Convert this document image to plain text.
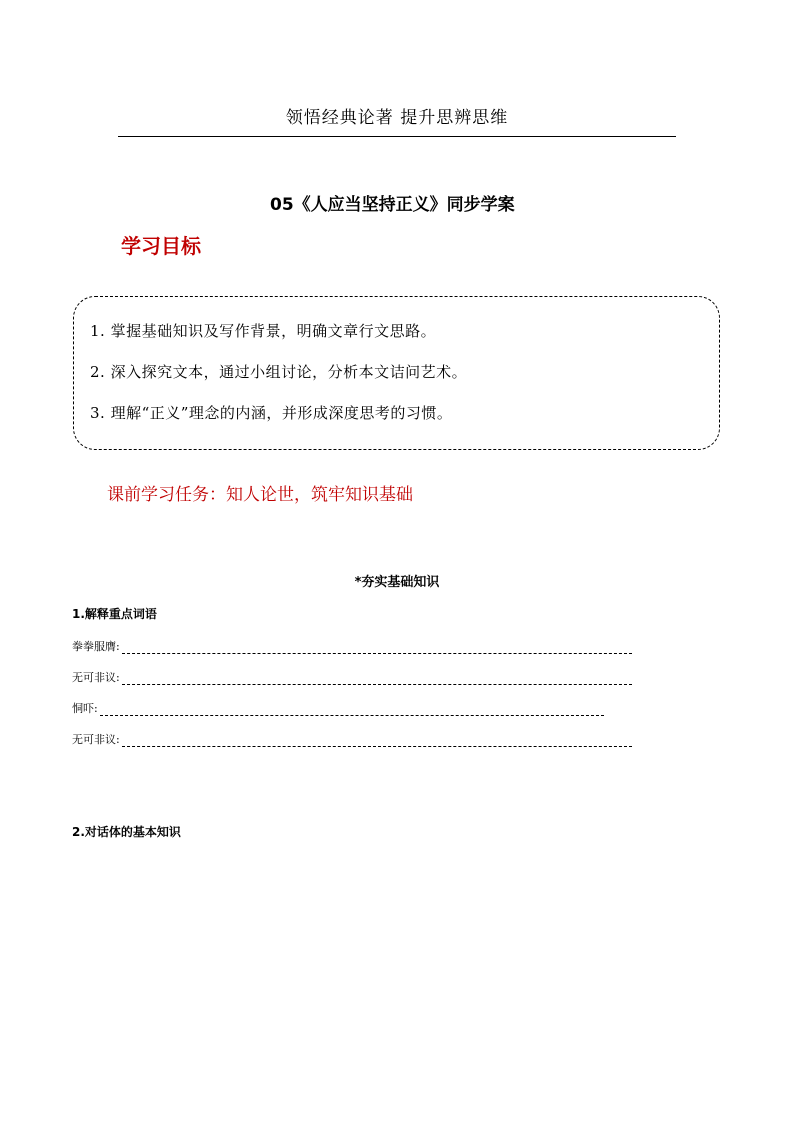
领悟经典论著 提升思辨思维
05《人应当坚持正义》同步学案
学习目标
1. 掌握基础知识及写作背景，明确文章行文思路。
2. 深入探究文本，通过小组讨论，分析本文诘问艺术。
3. 理解“正义”理念的内涵，并形成深度思考的习惯。
课前学习任务：知人论世，筑牢知识基础
*夯实基础知识
1.解释重点词语
拳拳服膺:
无可非议:
恫吓:
无可非议:
2.对话体的基本知识
